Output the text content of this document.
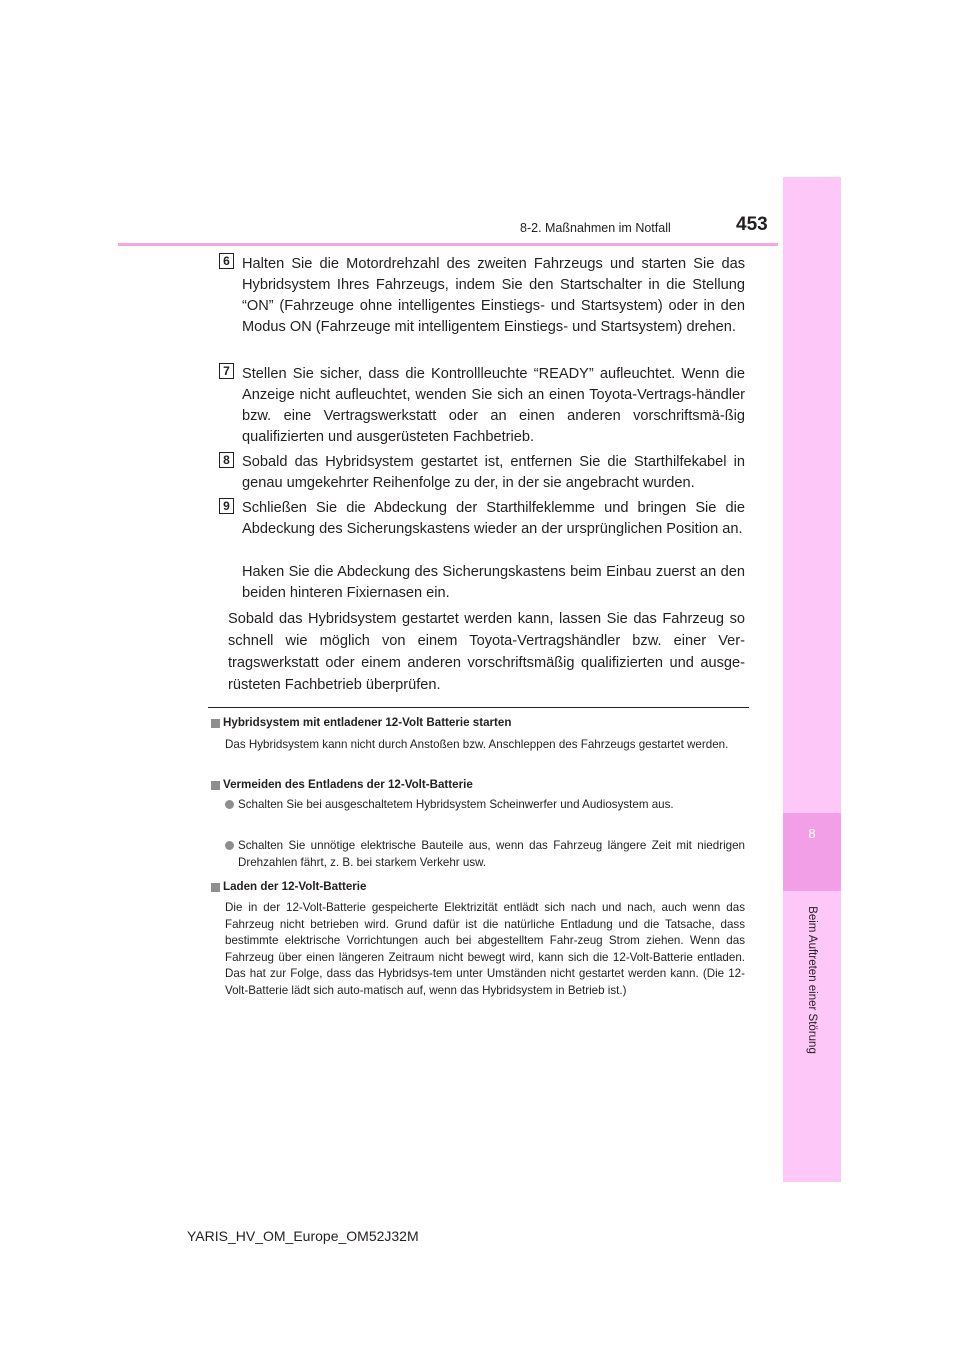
8-2. Maßnahmen im Notfall	453
8
Beim Auftreten einer Störung
6 Halten Sie die Motordrehzahl des zweiten Fahrzeugs und starten Sie das Hybridsystem Ihres Fahrzeugs, indem Sie den Startschalter in die Stellung “ON” (Fahrzeuge ohne intelligentes Einstiegs- und Startsystem) oder in den Modus ON (Fahrzeuge mit intelligentem Einstiegs- und Startsystem) drehen.
7 Stellen Sie sicher, dass die Kontrollleuchte “READY” aufleuchtet. Wenn die Anzeige nicht aufleuchtet, wenden Sie sich an einen Toyota-Vertrags-händler bzw. eine Vertragswerkstatt oder an einen anderen vorschriftsmä-ßig qualifizierten und ausgerüsteten Fachbetrieb.
8 Sobald das Hybridsystem gestartet ist, entfernen Sie die Starthilfekabel in genau umgekehrter Reihenfolge zu der, in der sie angebracht wurden.
9 Schließen Sie die Abdeckung der Starthilfeklemme und bringen Sie die Abdeckung des Sicherungskastens wieder an der ursprünglichen Position an.
Haken Sie die Abdeckung des Sicherungskastens beim Einbau zuerst an den beiden hinteren Fixiernasen ein.
Sobald das Hybridsystem gestartet werden kann, lassen Sie das Fahrzeug so schnell wie möglich von einem Toyota-Vertragshändler bzw. einer Ver-tragswerkstatt oder einem anderen vorschriftsmäßig qualifizierten und ausge-rüsteten Fachbetrieb überprüfen.
Hybridsystem mit entladener 12-Volt Batterie starten
Das Hybridsystem kann nicht durch Anstoßen bzw. Anschleppen des Fahrzeugs gestartet werden.
Vermeiden des Entladens der 12-Volt-Batterie
Schalten Sie bei ausgeschaltetem Hybridsystem Scheinwerfer und Audiosystem aus.
Schalten Sie unnötige elektrische Bauteile aus, wenn das Fahrzeug längere Zeit mit niedrigen Drehzahlen fährt, z. B. bei starkem Verkehr usw.
Laden der 12-Volt-Batterie
Die in der 12-Volt-Batterie gespeicherte Elektrizität entlädt sich nach und nach, auch wenn das Fahrzeug nicht betrieben wird. Grund dafür ist die natürliche Entladung und die Tatsache, dass bestimmte elektrische Vorrichtungen auch bei abgestelltem Fahr-zeug Strom ziehen. Wenn das Fahrzeug über einen längeren Zeitraum nicht bewegt wird, kann sich die 12-Volt-Batterie entladen. Das hat zur Folge, dass das Hybridsys-tem unter Umständen nicht gestartet werden kann. (Die 12-Volt-Batterie lädt sich auto-matisch auf, wenn das Hybridsystem in Betrieb ist.)
YARIS_HV_OM_Europe_OM52J32M
